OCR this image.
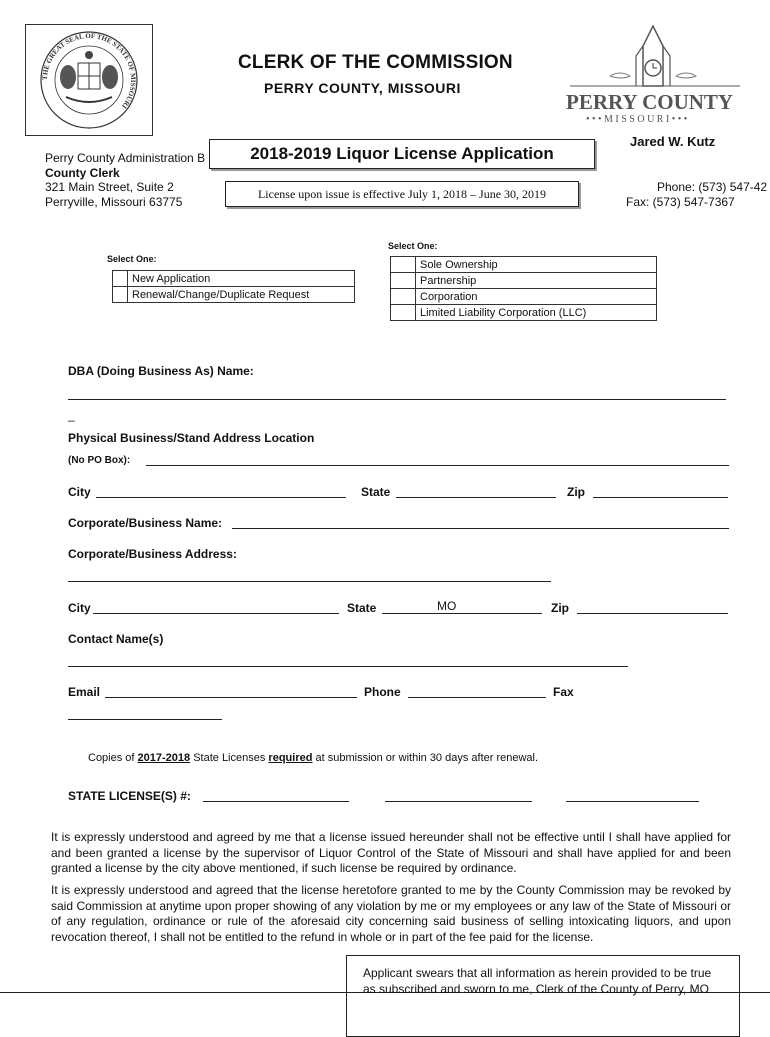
THE GREAT SEAL OF THE STATE OF MISSOURI
CLERK OF THE COMMISSION
PERRY COUNTY, MISSOURI
PERRY COUNTY
• • • M I S S O U R I • • •
Jared W. Kutz
Perry County Administration B
County Clerk
321 Main Street, Suite 2
Perryville, Missouri 63775
Phone: (573) 547-42
Fax: (573) 547-7367
2018-2019 Liquor License Application
License upon issue is effective July 1, 2018 – June 30, 2019
Select One:
	New Application
	Renewal/Change/Duplicate Request
Select One:
	Sole Ownership
	Partnership
	Corporation
	Limited Liability Corporation (LLC)
DBA (Doing Business As) Name:
_
Physical Business/Stand Address Location
(No PO Box):
City	State	Zip
Corporate/Business Name:
Corporate/Business Address:
City	State	MO	Zip
Contact Name(s)
Email	Phone	Fax
Copies of 2017-2018 State Licenses required at submission or within 30 days after renewal.
STATE LICENSE(S) #:
It is expressly understood and agreed by me that a license issued hereunder shall not be effective until I shall have applied for and been granted a license by the supervisor of Liquor Control of the State of Missouri and shall have applied for and been granted a license by the city above mentioned, if such license be required by ordinance.
It is expressly understood and agreed that the license heretofore granted to me by the County Commission may be revoked by said Commission at anytime upon proper showing of any violation by me or my employees or any law of the State of Missouri or of any regulation, ordinance or rule of the aforesaid city concerning said business of selling intoxicating liquors, and upon revocation thereof, I shall not be entitled to the refund in whole or in part of the fee paid for the license.
Applicant swears that all information as herein provided to be true
as subscribed and sworn to me, Clerk of the County of Perry, MO
